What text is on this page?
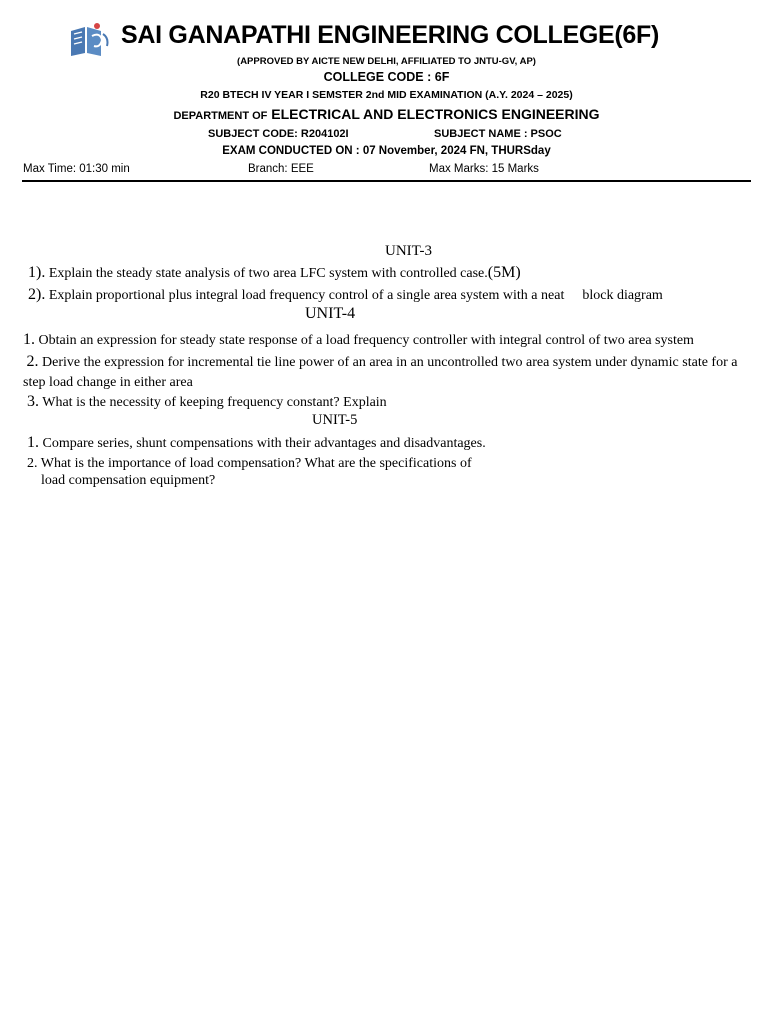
SAI GANAPATHI ENGINEERING COLLEGE(6F)
(APPROVED BY AICTE NEW DELHI, AFFILIATED TO JNTU-GV, AP)
COLLEGE CODE : 6F
R20 BTECH IV YEAR I SEMSTER 2nd MID EXAMINATION (A.Y. 2024 – 2025)
DEPARTMENT OF ELECTRICAL AND ELECTRONICS ENGINEERING
SUBJECT CODE: R204102I	SUBJECT NAME : PSOC
EXAM CONDUCTED ON : 07 November, 2024 FN, THURSday
Max Time: 01:30 min	Branch: EEE	Max Marks: 15 Marks
UNIT-3
1). Explain the steady state analysis of two area LFC system with controlled case.(5M)
2). Explain proportional plus integral load frequency control of a single area system with a neat block diagram
UNIT-4
1. Obtain an expression for steady state response of a load frequency controller with integral control of two area system
2. Derive the expression for incremental tie line power of an area in an uncontrolled two area system under dynamic state for a step load change in either area
3. What is the necessity of keeping frequency constant? Explain
UNIT-5
1. Compare series, shunt compensations with their advantages and disadvantages.
2. What is the importance of load compensation? What are the specifications of
load compensation equipment?
